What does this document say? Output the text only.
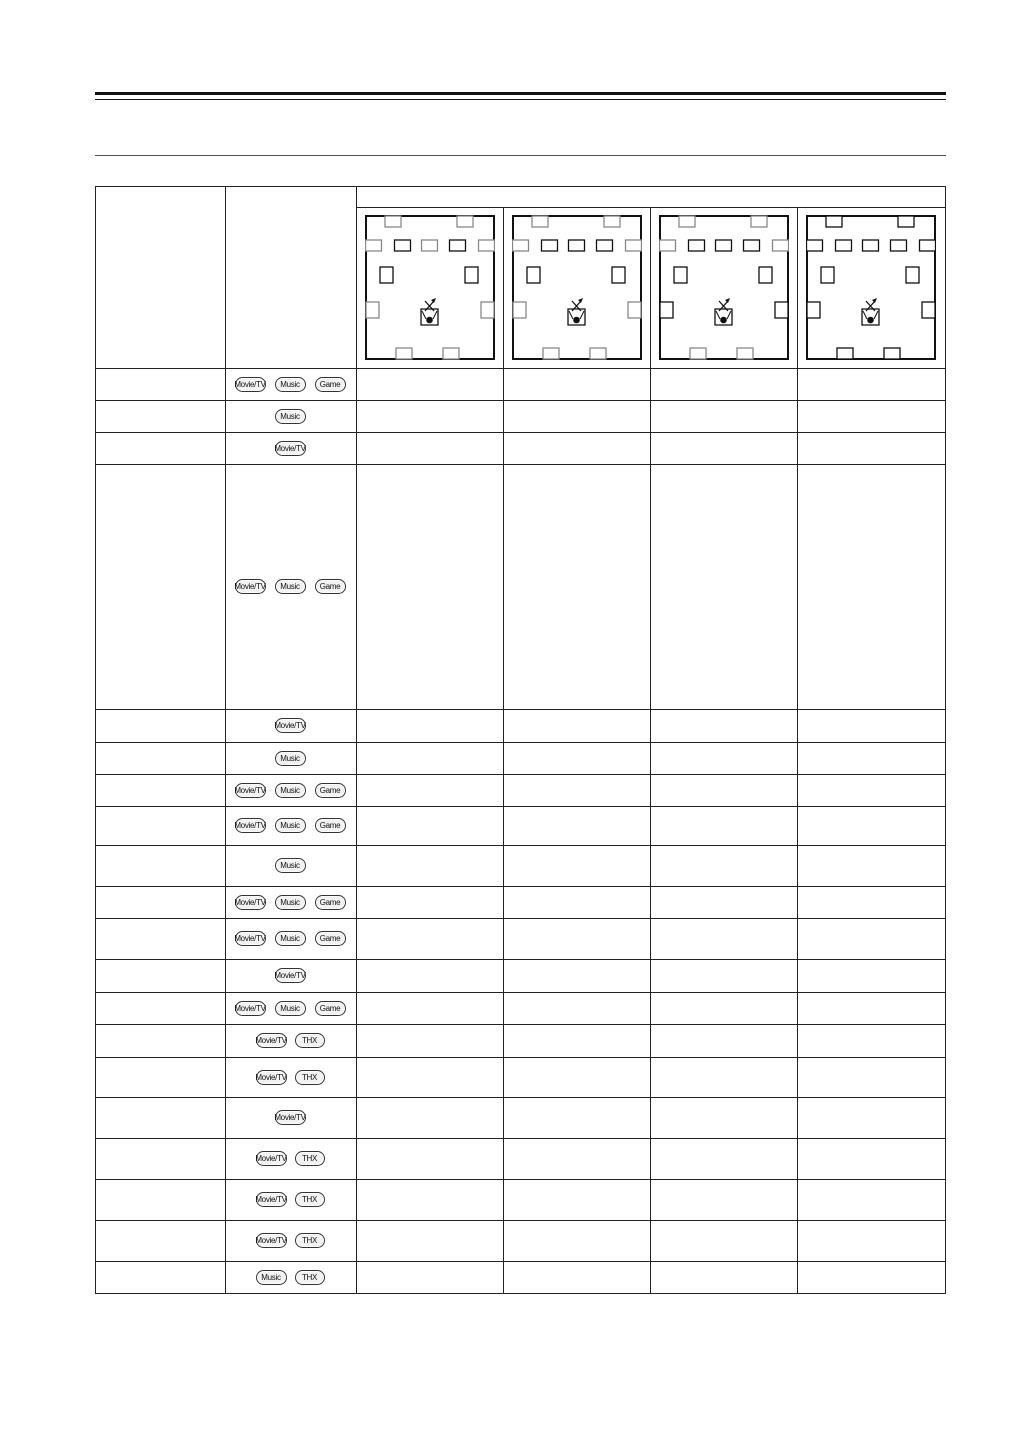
Movie/TV	Music	Game
Music
Movie/TV
Movie/TV	Music	Game
Movie/TV
Music
Movie/TV	Music	Game
Movie/TV	Music	Game
Music
Movie/TV	Music	Game
Movie/TV	Music	Game
Movie/TV
Movie/TV	Music	Game
Movie/TV	THX
Movie/TV	THX
Movie/TV
Movie/TV	THX
Movie/TV	THX
Movie/TV	THX
Music	THX
